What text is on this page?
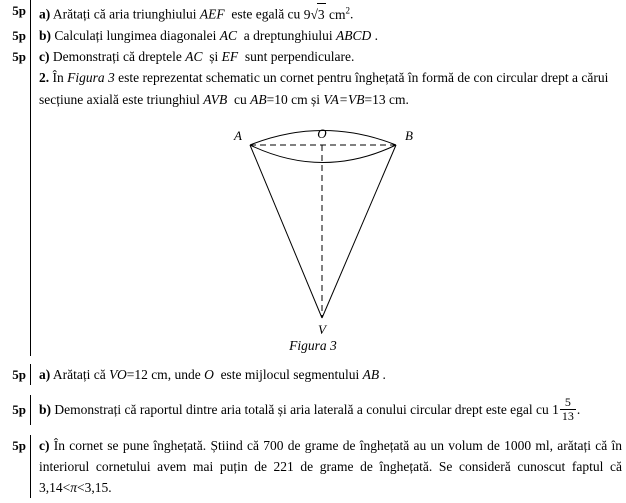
5p a) Arătați că aria triunghiului AEF este egală cu 9√3 $cm^2$.
5p b) Calculați lungimea diagonalei AC a dreptunghiului ABCD .
5p c) Demonstrați că dreptele AC și EF sunt perpendiculare.
2. În Figura 3 este reprezentat schematic un cornet pentru înghețată în formă de con circular drept a cărui secțiune axială este triunghiul AVB cu AB=10 cm și VA=VB=13 cm.
A	B
O
V
Figura 3
5p a) Arătați că VO=12 cm, unde O este mijlocul segmentului AB .
5p b) Demonstrați că raportul dintre aria totală și aria laterală a conului circular drept este egal cu $1 \frac{5}{13}$ .
5p c) În cornet se pune înghețată. Știind că 700 de grame de înghețată au un volum de 1000 ml, arătați că în interiorul cornetului avem mai puțin de 221 de grame de înghețată. Se consideră cunoscut faptul că 3,14<π<3,15.
